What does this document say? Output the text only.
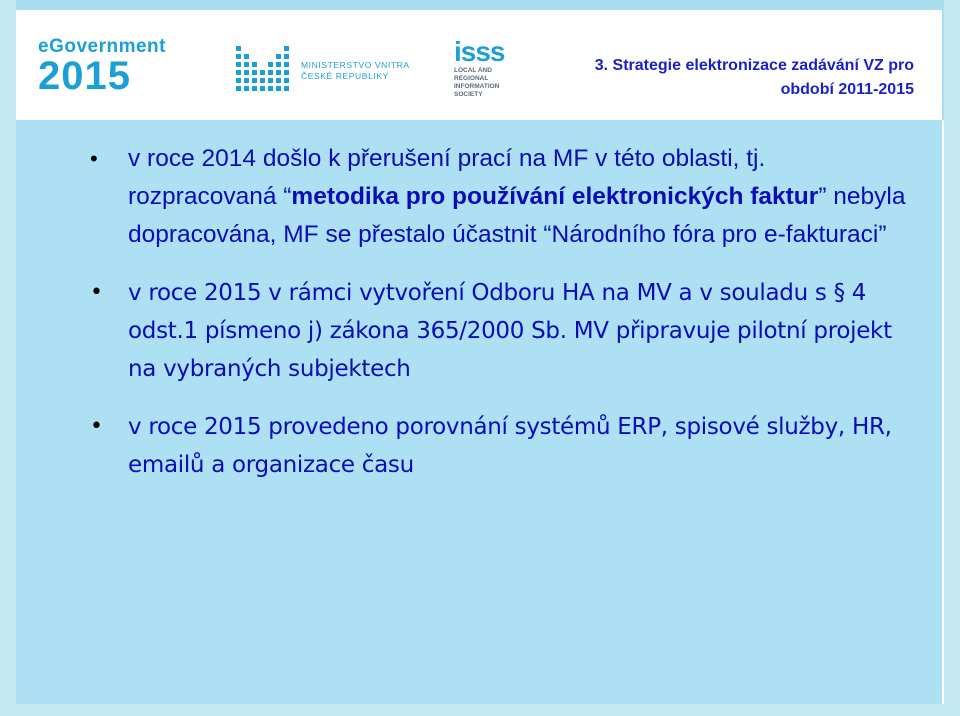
eGovernment
2015	MINISTERSTVO VNITRA
ČESKÉ REPUBLIKY
isss
LOCAL AND REGIONAL
INFORMATION SOCIETY
3. Strategie elektronizace zadávání VZ pro
období 2011-2015
•	v roce 2014 došlo k přerušení prací na MF v této oblasti, tj. rozpracovaná “metodika pro používání elektronických faktur” nebyla dopracována, MF se přestalo účastnit “Národního fóra pro e-fakturaci”
•	v roce 2015 v rámci vytvoření Odboru HA na MV a v souladu s § 4 odst.1 písmeno j) zákona 365/2000 Sb. MV připravuje pilotní projekt na vybraných subjektech
•	v roce 2015 provedeno porovnání systémů ERP, spisové služby, HR, emailů a organizace času
